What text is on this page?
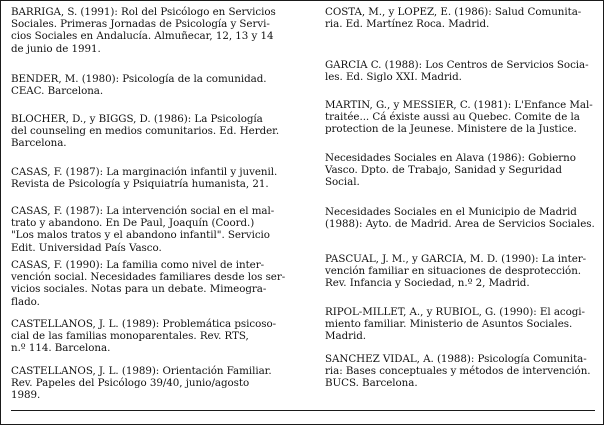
BARRIGA, S. (1991): Rol del Psicólogo en Servicios
Sociales. Primeras Jornadas de Psicología y Servi-
cios Sociales en Andalucía. Almuñecar, 12, 13 y 14
de junio de 1991.

BENDER, M. (1980): Psicología de la comunidad.
CEAC. Barcelona.

BLOCHER, D., y BIGGS, D. (1986): La Psicología
del counseling en medios comunitarios. Ed. Herder.
Barcelona.

CASAS, F. (1987): La marginación infantil y juvenil.
Revista de Psicología y Psiquiatría humanista, 21.

CASAS, F. (1987): La intervención social en el mal-
trato y abandono. En De Paul, Joaquín (Coord.)
"Los malos tratos y el abandono infantil". Servicio
Edit. Universidad País Vasco.

CASAS, F. (1990): La familia como nivel de inter-
vención social. Necesidades familiares desde los ser-
vicios sociales. Notas para un debate. Mimeogra-
flado.

CASTELLANOS, J. L. (1989): Problemática psicoso-
cial de las familias monoparentales. Rev. RTS,
n.º 114. Barcelona.

CASTELLANOS, J. L. (1989): Orientación Familiar.
Rev. Papeles del Psicólogo 39/40, junio/agosto
1989.

COSTA, M., y LOPEZ, E. (1986): Salud Comunita-
ria. Ed. Martínez Roca. Madrid.

GARCIA C. (1988): Los Centros de Servicios Socia-
les. Ed. Siglo XXI. Madrid.

MARTIN, G., y MESSIER, C. (1981): L'Enfance Mal-
traitée... Cá éxiste aussi au Quebec. Comite de la
protection de la Jeunese. Ministere de la Justice.

Necesidades Sociales en Alava (1986): Gobierno
Vasco. Dpto. de Trabajo, Sanidad y Seguridad
Social.

Necesidades Sociales en el Municipio de Madrid
(1988): Ayto. de Madrid. Area de Servicios Sociales.

PASCUAL, J. M., y GARCIA, M. D. (1990): La inter-
vención familiar en situaciones de desprotección.
Rev. Infancia y Sociedad, n.º 2, Madrid.

RIPOL-MILLET, A., y RUBIOL, G. (1990): El acogi-
miento familiar. Ministerio de Asuntos Sociales.
Madrid.

SANCHEZ VIDAL, A. (1988): Psicología Comunita-
ria: Bases conceptuales y métodos de intervención.
BUCS. Barcelona.
